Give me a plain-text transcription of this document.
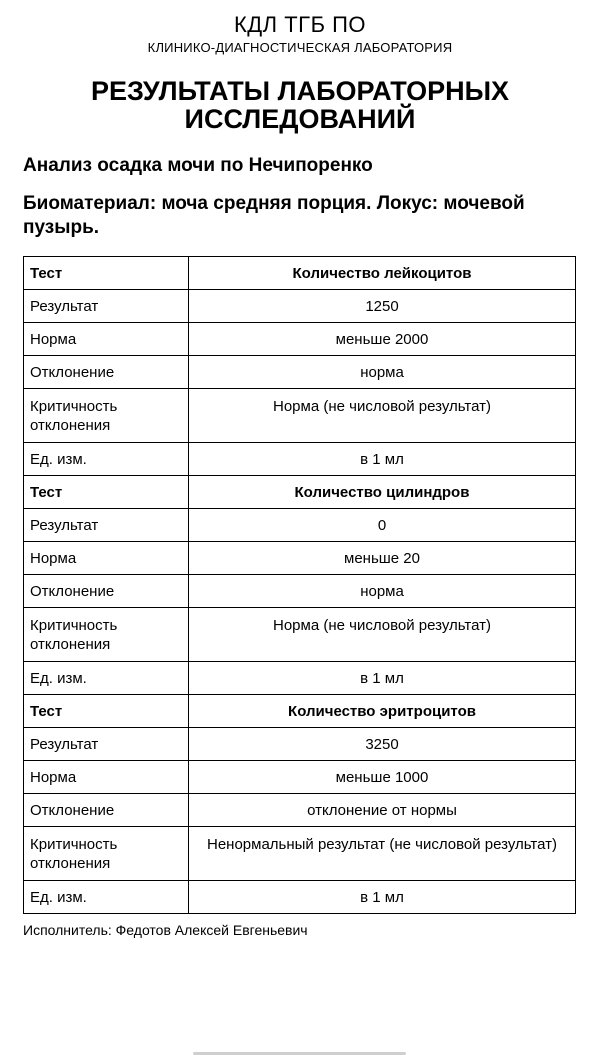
КДЛ ТГБ ПО
КЛИНИКО-ДИАГНОСТИЧЕСКАЯ ЛАБОРАТОРИЯ
РЕЗУЛЬТАТЫ ЛАБОРАТОРНЫХ
ИССЛЕДОВАНИЙ
Анализ осадка мочи по Нечипоренко
Биоматериал: моча средняя порция. Локус: мочевой пузырь.
Тест	Количество лейкоцитов
Результат	1250
Норма	меньше 2000
Отклонение	норма

Критичность
отклонения	Норма (не числовой результат)
Ед. изм.	в 1 мл
Тест	Количество цилиндров
Результат	0
Норма	меньше 20
Отклонение	норма

Критичность
отклонения	Норма (не числовой результат)
Ед. изм.	в 1 мл
Тест	Количество эритроцитов
Результат	3250
Норма	меньше 1000
Отклонение	отклонение от нормы

Критичность
отклонения	Ненормальный результат (не числовой результат)
Ед. изм.	в 1 мл
Исполнитель: Федотов Алексей Евгеньевич
